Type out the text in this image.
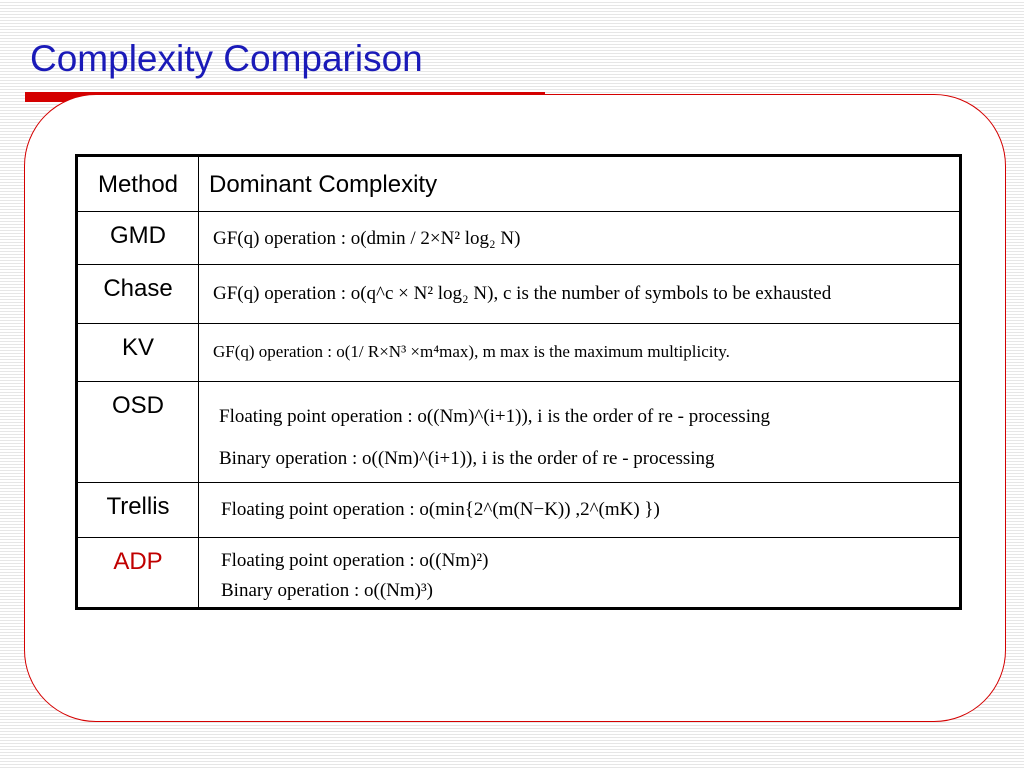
Complexity Comparison
Method	Dominant Complexity
GMD	GF(q) operation : o(dmin / 2×N² log₂ N)
Chase	GF(q) operation : o(q^c × N² log₂ N), c is the number of symbols to be exhausted
KV	GF(q) operation : o(1/ R×N³ ×m⁴max), m max is the maximum multiplicity.
OSD	Floating point operation : o((Nm)^(i+1)), i is the order of re - processing
Binary operation : o((Nm)^(i+1)), i is the order of re - processing

Trellis	Floating point operation : o(min{2^(m(N−K)) ,2^(mK) })
ADP	Floating point operation : o((Nm)²)
Binary operation : o((Nm)³)
